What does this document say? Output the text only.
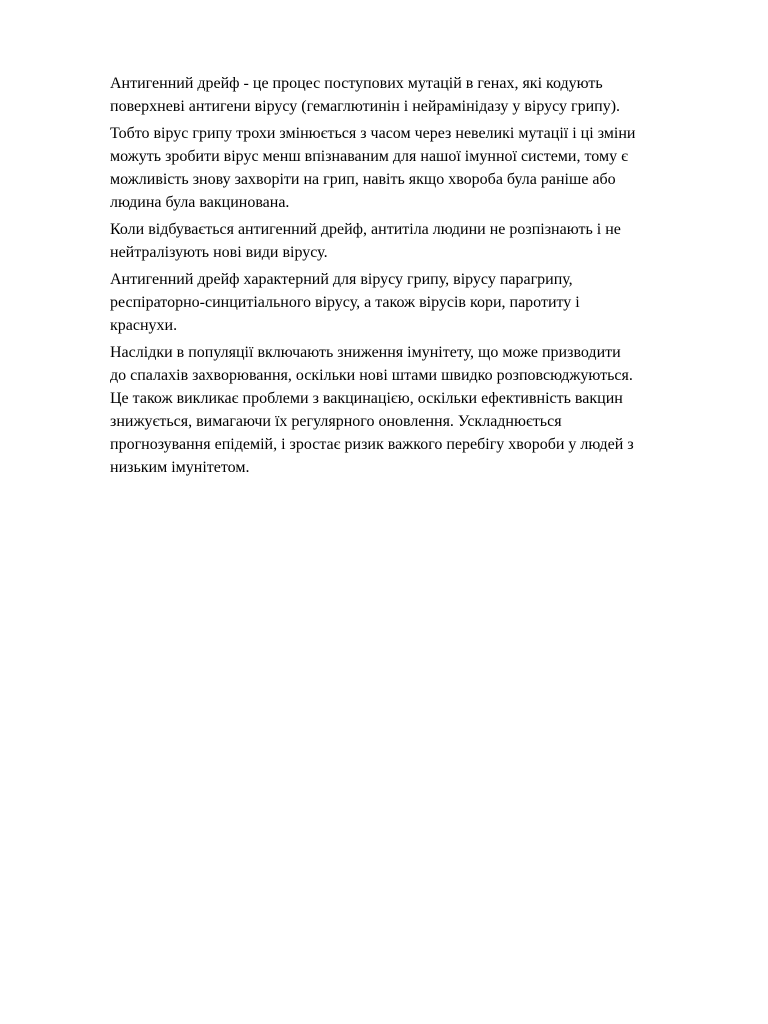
Антигенний дрейф - це процес поступових мутацій в генах, які кодують
поверхневі антигени вірусу (гемаглютинін і нейрамінідазу у вірусу грипу).

Тобто вірус грипу трохи змінюється з часом через невеликі мутації і ці зміни
можуть зробити вірус менш впізнаваним для нашої імунної системи, тому є
можливість знову захворіти на грип, навіть якщо хвороба була раніше або
людина була вакцинована.

Коли відбувається антигенний дрейф, антитіла людини не розпізнають і не
нейтралізують нові види вірусу.

Антигенний дрейф характерний для вірусу грипу, вірусу парагрипу,
респіраторно-синцитіального вірусу, а також вірусів кори, паротиту і
краснухи.

Наслідки в популяції включають зниження імунітету, що може призводити
до спалахів захворювання, оскільки нові штами швидко розповсюджуються.
Це також викликає проблеми з вакцинацією, оскільки ефективність вакцин
знижується, вимагаючи їх регулярного оновлення. Ускладнюється
прогнозування епідемій, і зростає ризик важкого перебігу хвороби у людей з
низьким імунітетом.
